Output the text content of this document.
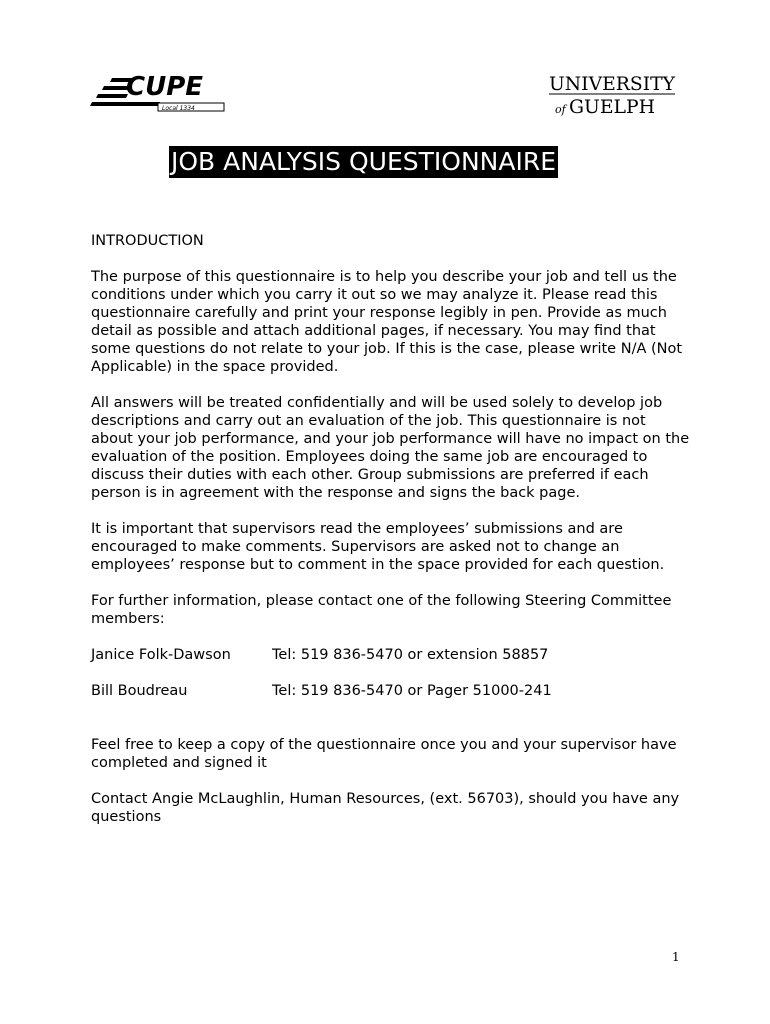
CUPE
Local 1334
UNIVERSITY
of GUELPH
JOB ANALYSIS QUESTIONNAIRE
INTRODUCTION
The purpose of this questionnaire is to help you describe your job and tell us the conditions under which you carry it out so we may analyze it. Please read this questionnaire carefully and print your response legibly in pen. Provide as much detail as possible and attach additional pages, if necessary. You may find that some questions do not relate to your job. If this is the case, please write N/A (Not Applicable) in the space provided.
All answers will be treated confidentially and will be used solely to develop job descriptions and carry out an evaluation of the job. This questionnaire is not about your job performance, and your job performance will have no impact on the evaluation of the position. Employees doing the same job are encouraged to discuss their duties with each other. Group submissions are preferred if each person is in agreement with the response and signs the back page.
It is important that supervisors read the employees’ submissions and are encouraged to make comments. Supervisors are asked not to change an employees’ response but to comment in the space provided for each question.
For further information, please contact one of the following Steering Committee members:
Janice Folk-Dawson	Tel: 519 836-5470 or extension 58857
Bill Boudreau	Tel: 519 836-5470 or Pager 51000-241
Feel free to keep a copy of the questionnaire once you and your supervisor have completed and signed it
Contact Angie McLaughlin, Human Resources, (ext. 56703), should you have any questions
1
